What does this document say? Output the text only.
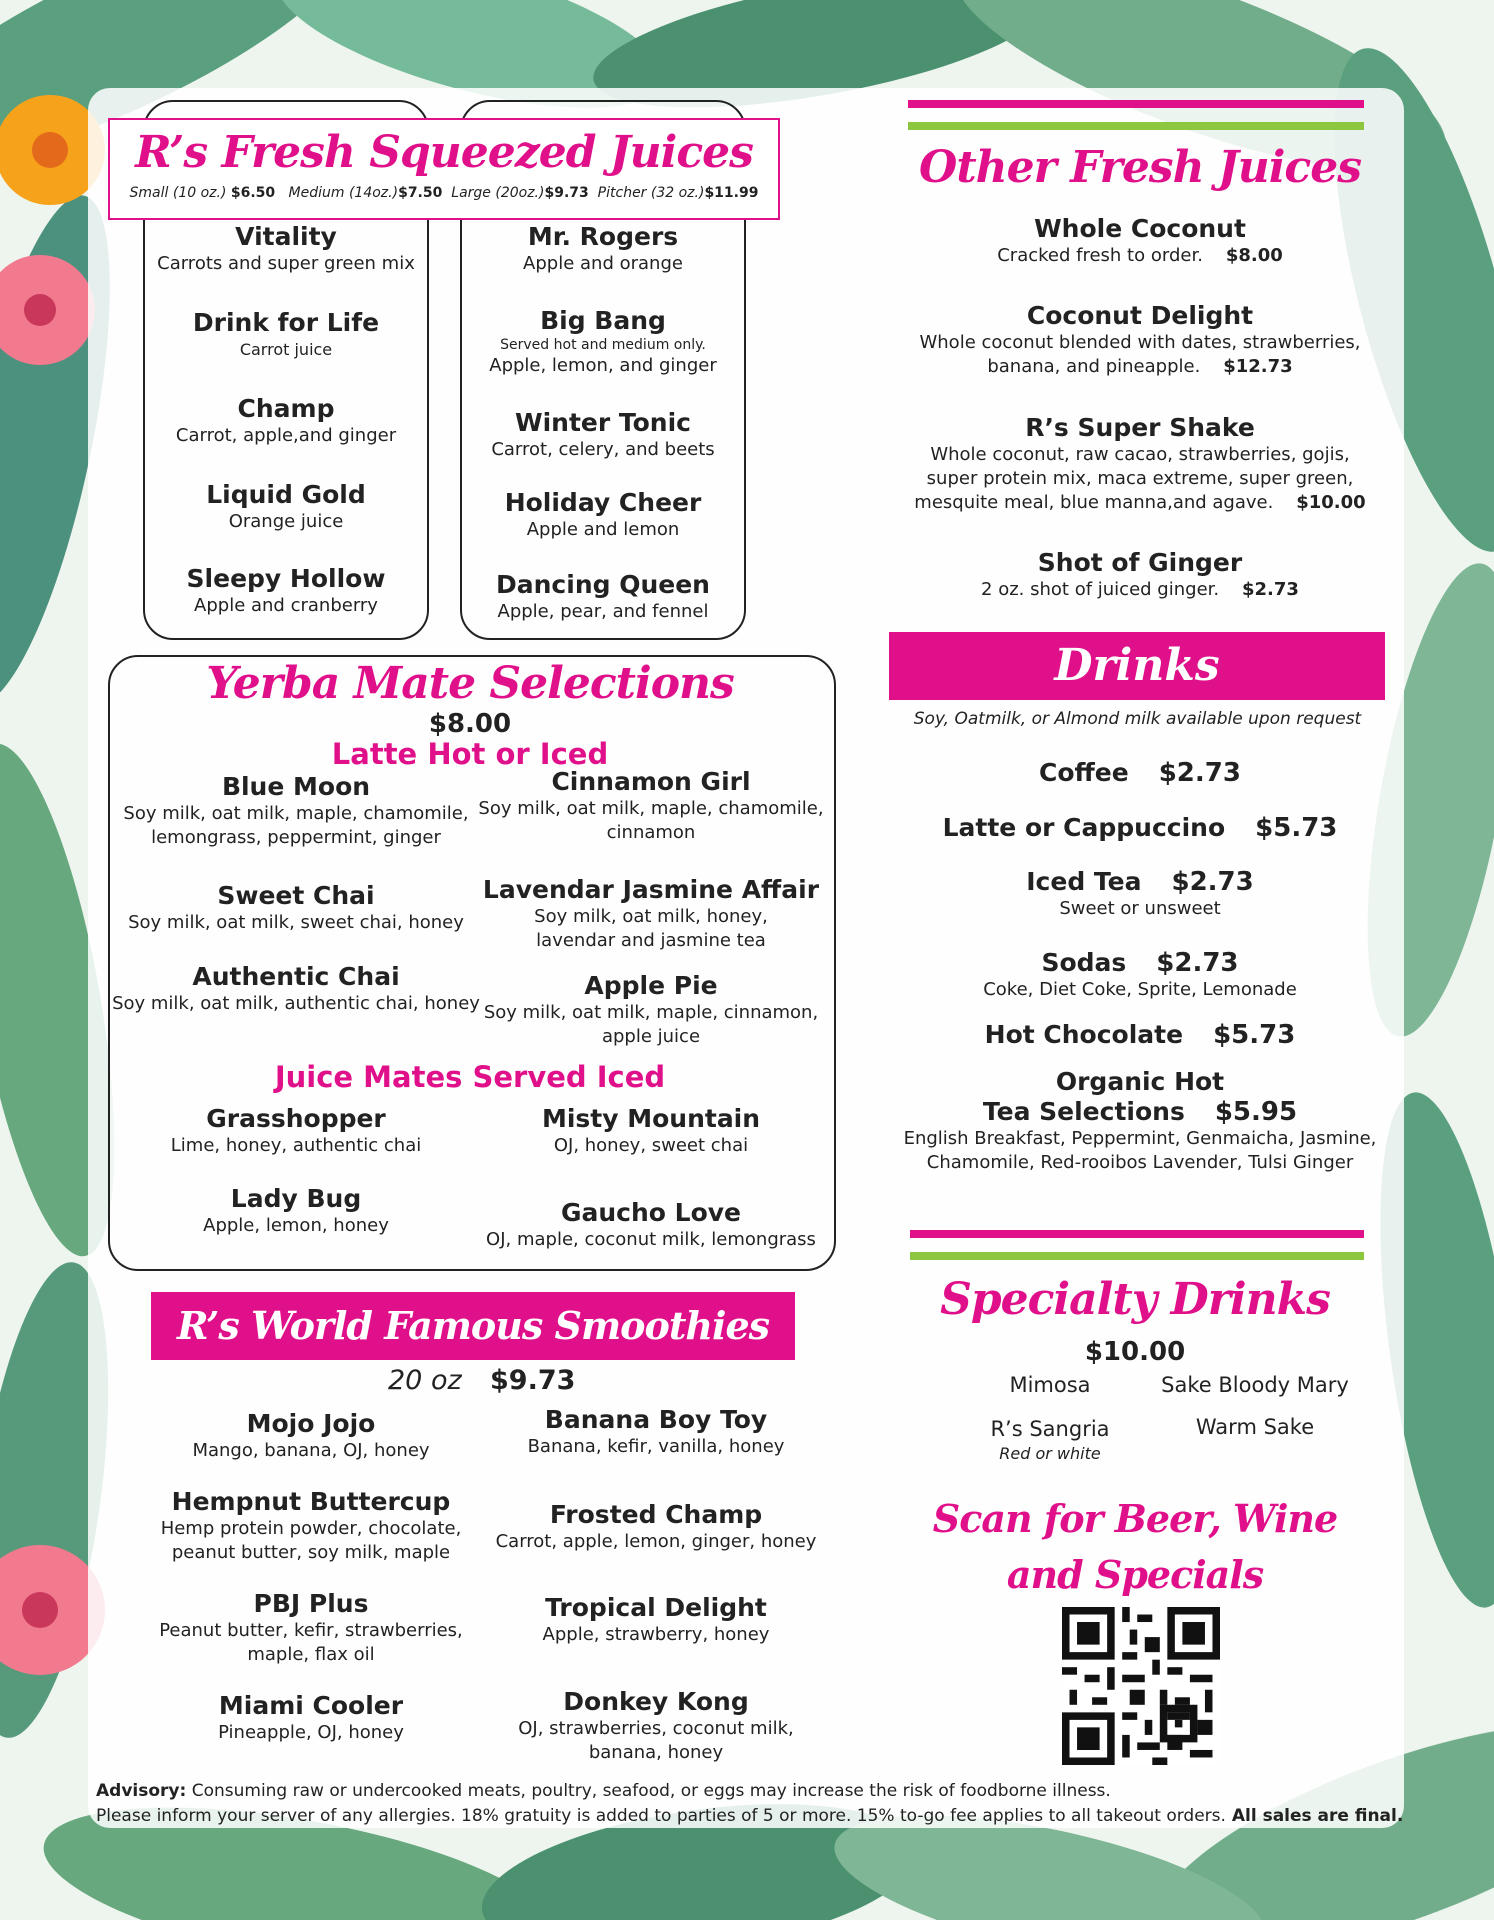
R’s Fresh Squeezed Juices
Small (10 oz.) $6.50 Medium (14oz.)$7.50 Large (20oz.)$9.73 Pitcher (32 oz.)$11.99
Vitality
Carrots and super green mix
Drink for Life
Carrot juice
Champ
Carrot, apple,and ginger
Liquid Gold
Orange juice
Sleepy Hollow
Apple and cranberry
Mr. Rogers
Apple and orange
Big Bang
Served hot and medium only.
Apple, lemon, and ginger
Winter Tonic
Carrot, celery, and beets
Holiday Cheer
Apple and lemon
Dancing Queen
Apple, pear, and fennel
Other Fresh Juices
Whole Coconut
Cracked fresh to order. $8.00
Coconut Delight
Whole coconut blended with dates, strawberries,
banana, and pineapple. $12.73
R’s Super Shake
Whole coconut, raw cacao, strawberries, gojis,
super protein mix, maca extreme, super green,
mesquite meal, blue manna,and agave. $10.00
Shot of Ginger
2 oz. shot of juiced ginger. $2.73
Yerba Mate Selections
$8.00
Latte Hot or Iced
Blue Moon
Soy milk, oat milk, maple, chamomile,
lemongrass, peppermint, ginger
Sweet Chai
Soy milk, oat milk, sweet chai, honey
Authentic Chai
Soy milk, oat milk, authentic chai, honey
Cinnamon Girl
Soy milk, oat milk, maple, chamomile,
cinnamon
Lavendar Jasmine Affair
Soy milk, oat milk, honey,
lavendar and jasmine tea
Apple Pie
Soy milk, oat milk, maple, cinnamon,
apple juice
Juice Mates Served Iced
Grasshopper
Lime, honey, authentic chai
Lady Bug
Apple, lemon, honey
Misty Mountain
OJ, honey, sweet chai
Gaucho Love
OJ, maple, coconut milk, lemongrass
Drinks
Soy, Oatmilk, or Almond milk available upon request
Coffee $2.73
Latte or Cappuccino $5.73
Iced Tea $2.73
Sweet or unsweet
Sodas $2.73
Coke, Diet Coke, Sprite, Lemonade
Hot Chocolate $5.73
Organic Hot
Tea Selections $5.95
English Breakfast, Peppermint, Genmaicha, Jasmine,
Chamomile, Red-rooibos Lavender, Tulsi Ginger
R’s World Famous Smoothies
20 oz $9.73
Mojo Jojo
Mango, banana, OJ, honey
Hempnut Buttercup
Hemp protein powder, chocolate,
peanut butter, soy milk, maple
PBJ Plus
Peanut butter, kefir, strawberries,
maple, flax oil
Miami Cooler
Pineapple, OJ, honey
Banana Boy Toy
Banana, kefir, vanilla, honey
Frosted Champ
Carrot, apple, lemon, ginger, honey
Tropical Delight
Apple, strawberry, honey
Donkey Kong
OJ, strawberries, coconut milk,
banana, honey
Specialty Drinks
$10.00
Mimosa	Sake Bloody Mary
R’s Sangria
Red or white
Warm Sake
Scan for Beer, Wine
and Specials
Advisory: Consuming raw or undercooked meats, poultry, seafood, or eggs may increase the risk of foodborne illness.
Please inform your server of any allergies. 18% gratuity is added to parties of 5 or more. 15% to-go fee applies to all takeout orders. All sales are final.
